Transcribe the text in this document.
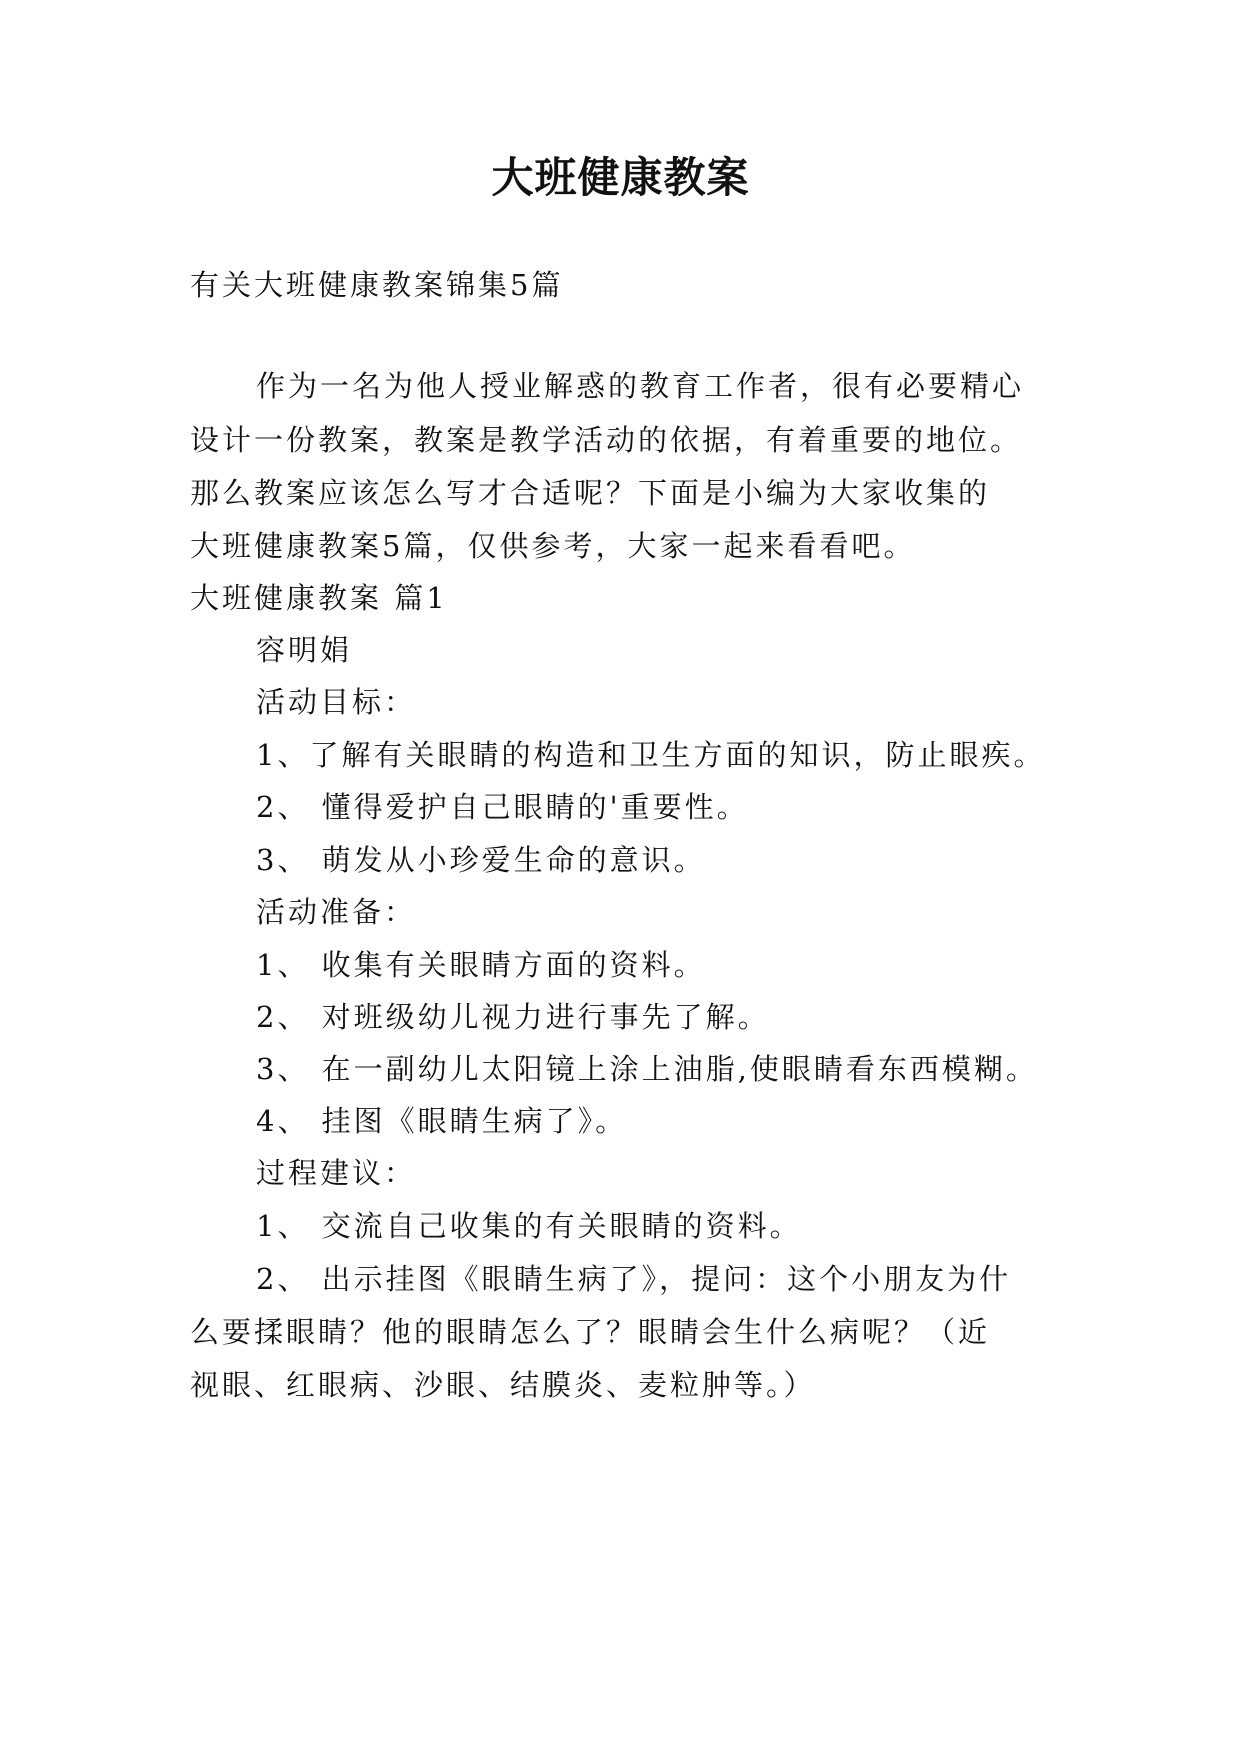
大班健康教案

有关大班健康教案锦集5篇

作为一名为他人授业解惑的教育工作者，很有必要精心

设计一份教案，教案是教学活动的依据，有着重要的地位。

那么教案应该怎么写才合适呢？下面是小编为大家收集的

大班健康教案5篇，仅供参考，大家一起来看看吧。

大班健康教案 篇1

容明娟

活动目标：

1、了解有关眼睛的构造和卫生方面的知识，防止眼疾。

2、 懂得爱护自己眼睛的'重要性。

3、 萌发从小珍爱生命的意识。

活动准备：

1、 收集有关眼睛方面的资料。

2、 对班级幼儿视力进行事先了解。

3、 在一副幼儿太阳镜上涂上油脂,使眼睛看东西模糊。

4、 挂图《眼睛生病了》。

过程建议：

1、 交流自己收集的有关眼睛的资料。

2、 出示挂图《眼睛生病了》，提问：这个小朋友为什

么要揉眼睛？他的眼睛怎么了？眼睛会生什么病呢？（近

视眼、红眼病、沙眼、结膜炎、麦粒肿等。）
